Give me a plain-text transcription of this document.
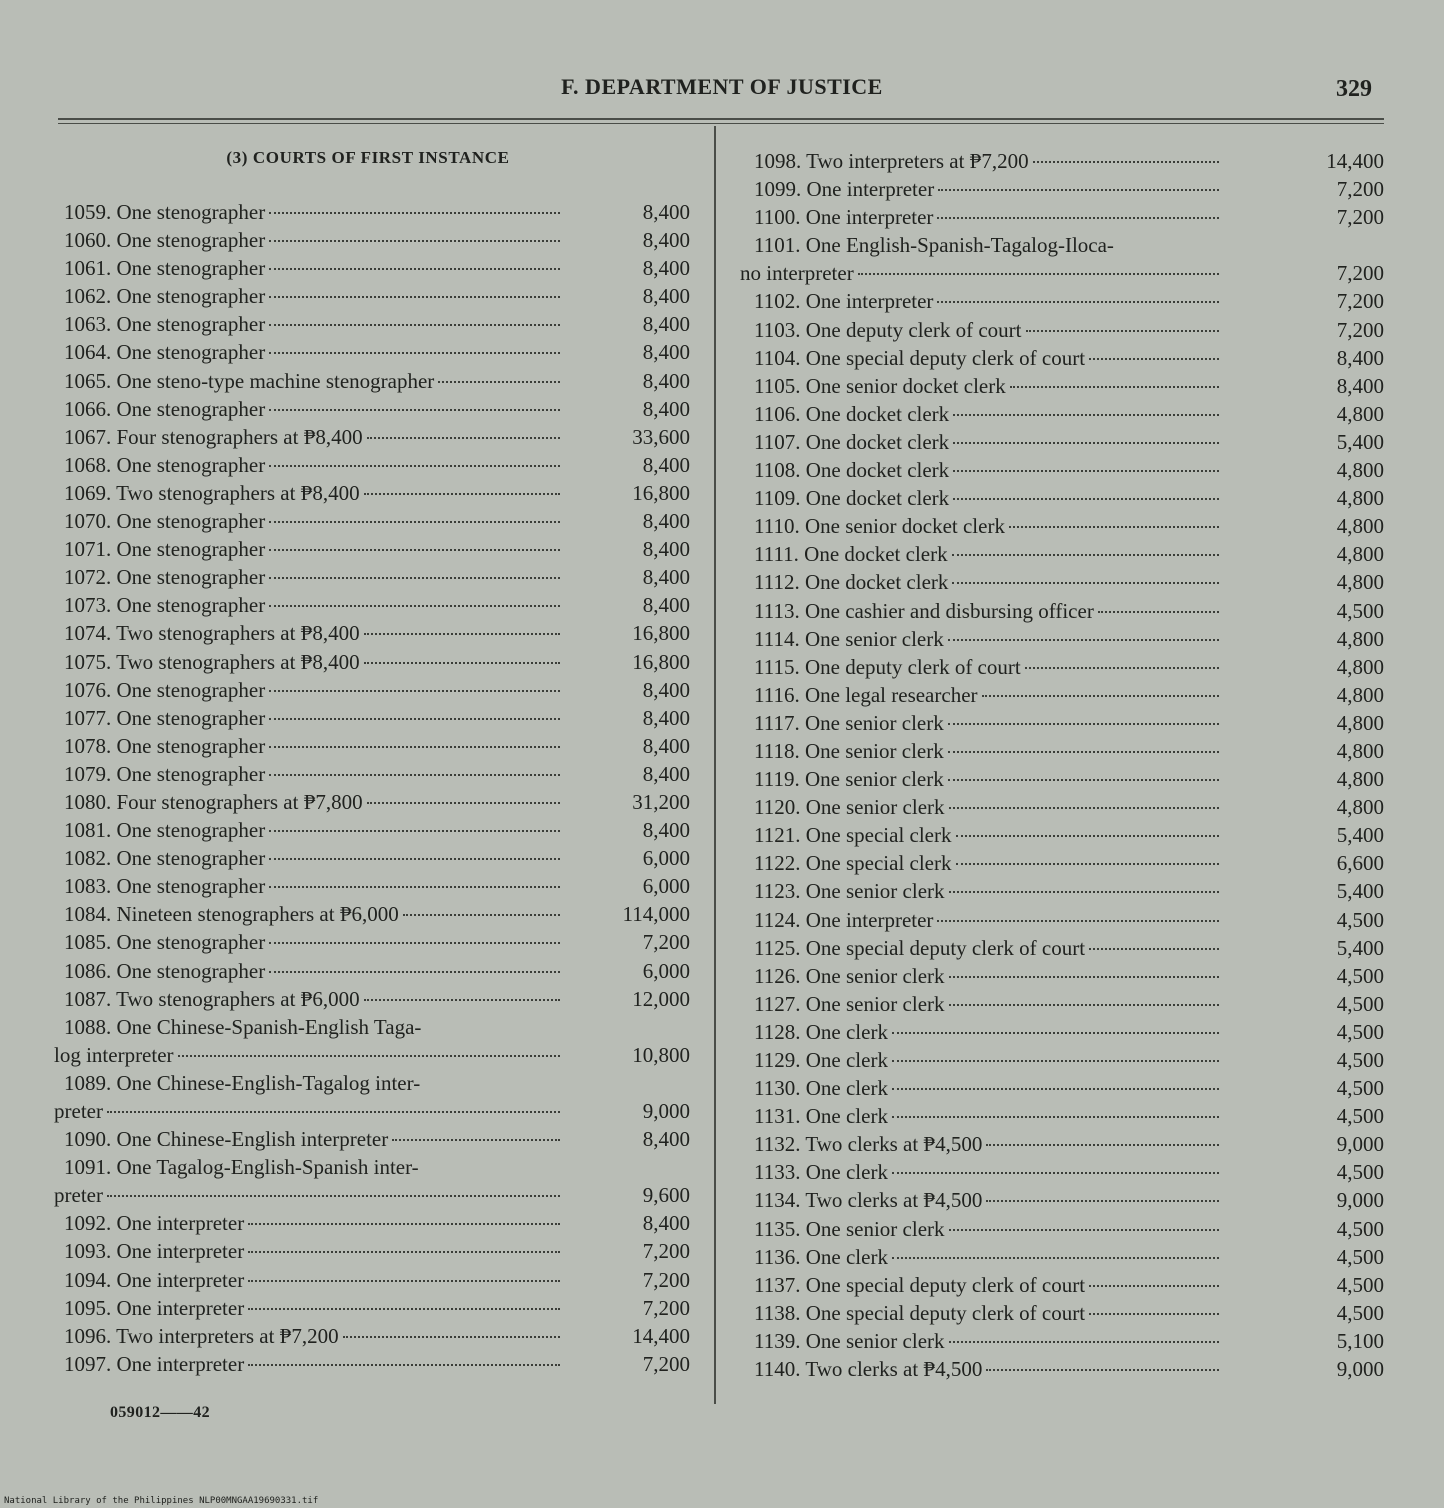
F. DEPARTMENT OF JUSTICE	329
(3) COURTS OF FIRST INSTANCE
1059. One stenographer	8,400
1060. One stenographer	8,400
1061. One stenographer	8,400
1062. One stenographer	8,400
1063. One stenographer	8,400
1064. One stenographer	8,400
1065. One steno-type machine stenographer	8,400
1066. One stenographer	8,400
1067. Four stenographers at ₱8,400	33,600
1068. One stenographer	8,400
1069. Two stenographers at ₱8,400	16,800
1070. One stenographer	8,400
1071. One stenographer	8,400
1072. One stenographer	8,400
1073. One stenographer	8,400
1074. Two stenographers at ₱8,400	16,800
1075. Two stenographers at ₱8,400	16,800
1076. One stenographer	8,400
1077. One stenographer	8,400
1078. One stenographer	8,400
1079. One stenographer	8,400
1080. Four stenographers at ₱7,800	31,200
1081. One stenographer	8,400
1082. One stenographer	6,000
1083. One stenographer	6,000
1084. Nineteen stenographers at ₱6,000	114,000
1085. One stenographer	7,200
1086. One stenographer	6,000
1087. Two stenographers at ₱6,000	12,000
1088. One Chinese-Spanish-English Taga-
log interpreter	10,800
1089. One Chinese-English-Tagalog inter-
preter	9,000
1090. One Chinese-English interpreter	8,400
1091. One Tagalog-English-Spanish inter-
preter	9,600
1092. One interpreter	8,400
1093. One interpreter	7,200
1094. One interpreter	7,200
1095. One interpreter	7,200
1096. Two interpreters at ₱7,200	14,400
1097. One interpreter	7,200
1098. Two interpreters at ₱7,200	14,400
1099. One interpreter	7,200
1100. One interpreter	7,200
1101. One English-Spanish-Tagalog-Iloca-
no interpreter	7,200
1102. One interpreter	7,200
1103. One deputy clerk of court	7,200
1104. One special deputy clerk of court	8,400
1105. One senior docket clerk	8,400
1106. One docket clerk	4,800
1107. One docket clerk	5,400
1108. One docket clerk	4,800
1109. One docket clerk	4,800
1110. One senior docket clerk	4,800
1111. One docket clerk	4,800
1112. One docket clerk	4,800
1113. One cashier and disbursing officer	4,500
1114. One senior clerk	4,800
1115. One deputy clerk of court	4,800
1116. One legal researcher	4,800
1117. One senior clerk	4,800
1118. One senior clerk	4,800
1119. One senior clerk	4,800
1120. One senior clerk	4,800
1121. One special clerk	5,400
1122. One special clerk	6,600
1123. One senior clerk	5,400
1124. One interpreter	4,500
1125. One special deputy clerk of court	5,400
1126. One senior clerk	4,500
1127. One senior clerk	4,500
1128. One clerk	4,500
1129. One clerk	4,500
1130. One clerk	4,500
1131. One clerk	4,500
1132. Two clerks at ₱4,500	9,000
1133. One clerk	4,500
1134. Two clerks at ₱4,500	9,000
1135. One senior clerk	4,500
1136. One clerk	4,500
1137. One special deputy clerk of court	4,500
1138. One special deputy clerk of court	4,500
1139. One senior clerk	5,100
1140. Two clerks at ₱4,500	9,000
059012——42
National Library of the Philippines NLP00MNGAA19690331.tif
